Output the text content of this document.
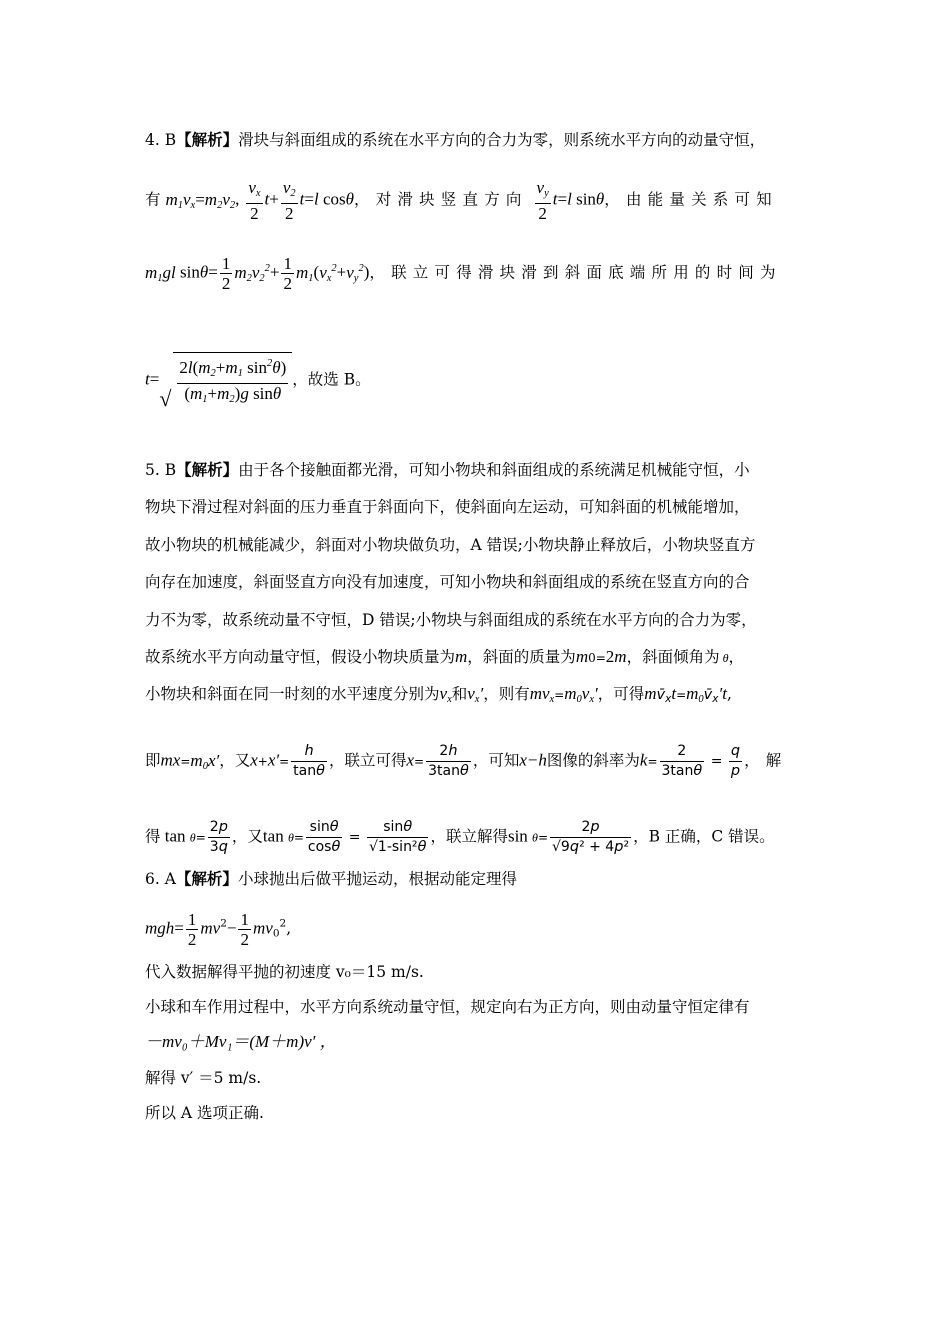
4. B【解析】滑块与斜面组成的系统在水平方向的合力为零，则系统水平方向的动量守恒，
有 $m_1v_x=m_2v_2$, $\frac{v_x}{2} t+ \frac{v_2}{2} t=l$ cosθ，对滑块竖直方向 $\frac{v_y}{2} t=l$ sinθ，由能量关系可知
$m_1gl$ $\sin\theta= \frac{1}{2} m_2v_2^2+ \frac{1}{2} m_1(v_x^2+v_y^2)$，联立可得滑块滑到斜面底端所用的时间为
t=
√ $\frac{2l(m_2+m_1 \sin^2\theta)}{(m_1+m_2)g \sin\theta}$ ，故选 B。
5. B【解析】由于各个接触面都光滑，可知小物块和斜面组成的系统满足机械能守恒，小
物块下滑过程对斜面的压力垂直于斜面向下，使斜面向左运动，可知斜面的机械能增加，
故小物块的机械能减少，斜面对小物块做负功，A 错误;小物块静止释放后，小物块竖直方
向存在加速度，斜面竖直方向没有加速度，可知小物块和斜面组成的系统在竖直方向的合
力不为零，故系统动量不守恒，D 错误;小物块与斜面组成的系统在水平方向的合力为零，
故系统水平方向动量守恒，假设小物块质量为m，斜面的质量为m0=2m，斜面倾角为 θ，
小物块和斜面在同一时刻的水平速度分别为$v_x$和$v_x'$，则有$mv_x=m_0v_x'$，可得$mv̄_xt=m_0v̄_x't$,
即$mx=m_0x'$，又$x+x'= \frac{h}{\tan\theta}$ ，联立可得$x= \frac{2h}{3\tan\theta}$ ，可知x−h图像的斜率为$k= \frac{2}{3\tan\theta} = \frac{q}{p}$ ，解
得 $\tan \theta= \frac{2p}{3q}$ ，又$\tan \theta= \frac{\sin\theta}{\cos\theta} = \frac{\sin\theta}{\text{√1-sin²θ}}$ ，联立解得$\sin \theta= \frac{2p}{\text{√9q² + 4p²}}$ ，B 正确，C 错误。
6. A【解析】小球抛出后做平抛运动，根据动能定理得
$mgh= \frac{1}{2} mv^2- \frac{1}{2} mv_0^2$,
代入数据解得平抛的初速度 v₀＝15 m/s.
小球和车作用过程中，水平方向系统动量守恒，规定向右为正方向，则由动量守恒定律有
－mv₀＋Mv₁＝(M＋m)v′ ，
解得 v′ ＝5 m/s.
所以 A 选项正确.
